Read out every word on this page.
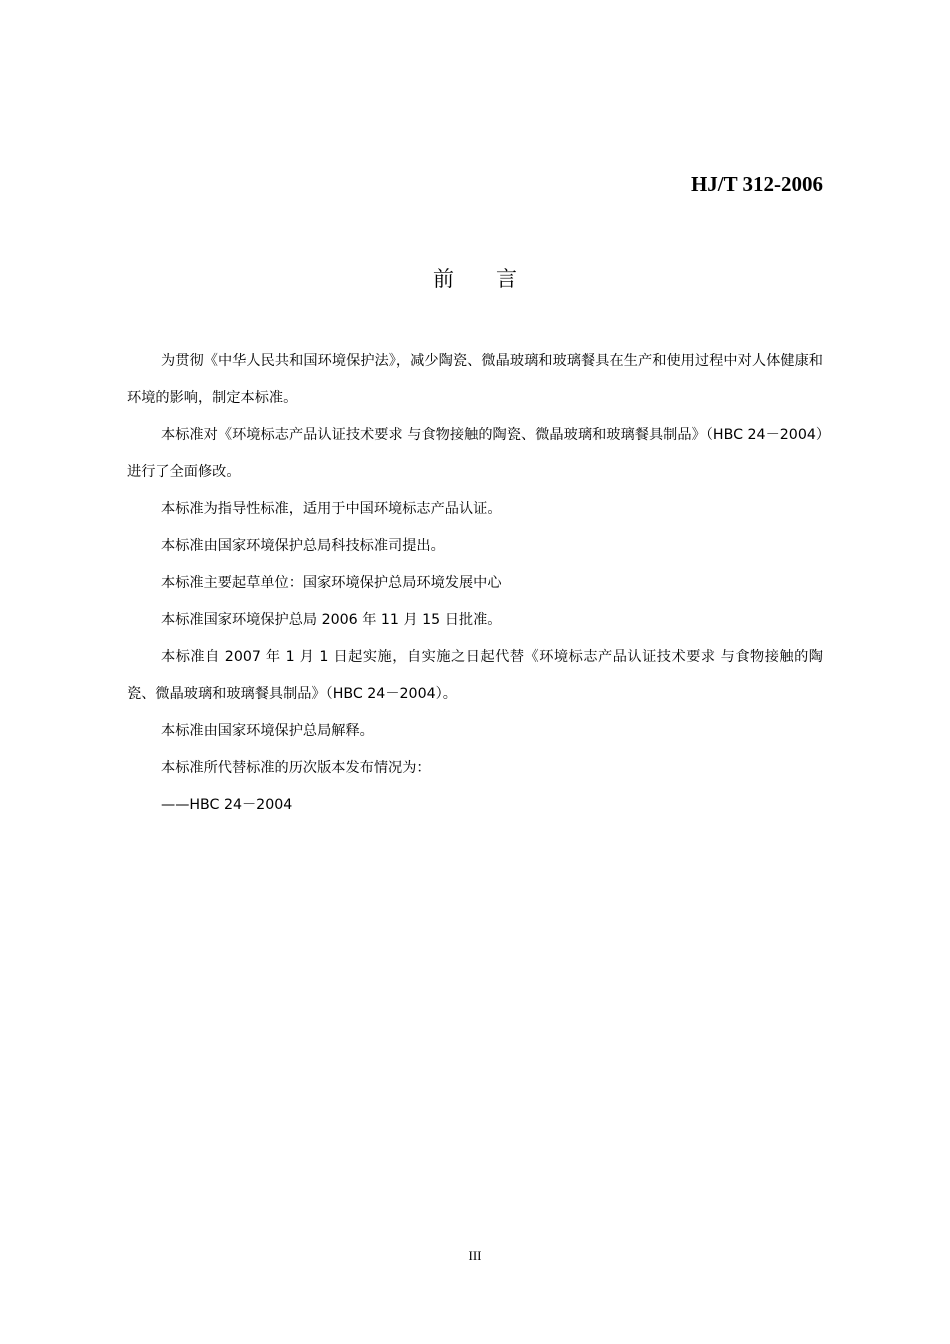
HJ/T 312-2006
前言

为贯彻《中华人民共和国环境保护法》，减少陶瓷、微晶玻璃和玻璃餐具在生产和使用过程中对人体健康和环境的影响，制定本标准。

本标准对《环境标志产品认证技术要求 与食物接触的陶瓷、微晶玻璃和玻璃餐具制品》（HBC 24－2004）进行了全面修改。

本标准为指导性标准，适用于中国环境标志产品认证。

本标准由国家环境保护总局科技标准司提出。

本标准主要起草单位：国家环境保护总局环境发展中心

本标准国家环境保护总局 2006 年 11 月 15 日批准。

本标准自 2007 年 1 月 1 日起实施，自实施之日起代替《环境标志产品认证技术要求 与食物接触的陶瓷、微晶玻璃和玻璃餐具制品》（HBC 24－2004）。

本标准由国家环境保护总局解释。

本标准所代替标准的历次版本发布情况为：

——HBC 24－2004

III
